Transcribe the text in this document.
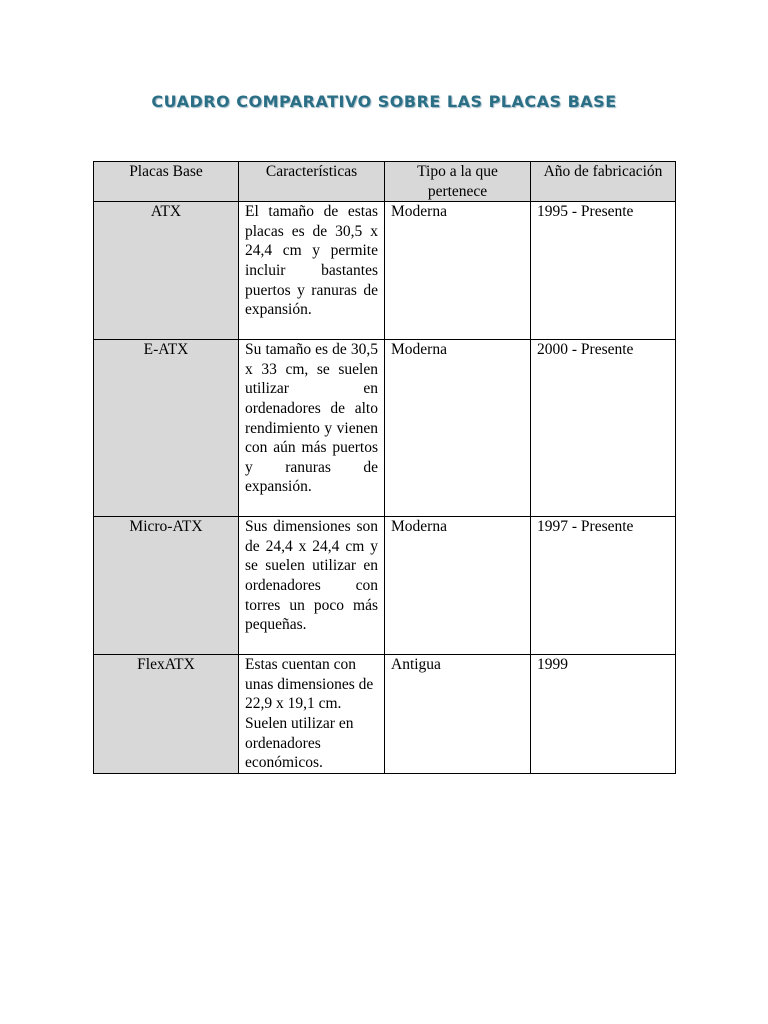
CUADRO COMPARATIVO SOBRE LAS PLACAS BASE
Placas Base	Características	Tipo a la que pertenece	Año de fabricación
ATX	El tamaño de estas placas es de 30,5 x 24,4 cm y permite incluir bastantes puertos y ranuras de expansión.	Moderna	1995 - Presente
E-ATX	Su tamaño es de 30,5 x 33 cm, se suelen utilizar en ordenadores de alto rendimiento y vienen con aún más puertos y ranuras de expansión.	Moderna	2000 - Presente
Micro-ATX	Sus dimensiones son de 24,4 x 24,4 cm y se suelen utilizar en ordenadores con torres un poco más pequeñas.	Moderna	1997 - Presente
FlexATX	Estas cuentan con unas dimensiones de 22,9 x 19,1 cm. Suelen utilizar en ordenadores económicos.	Antigua	1999
